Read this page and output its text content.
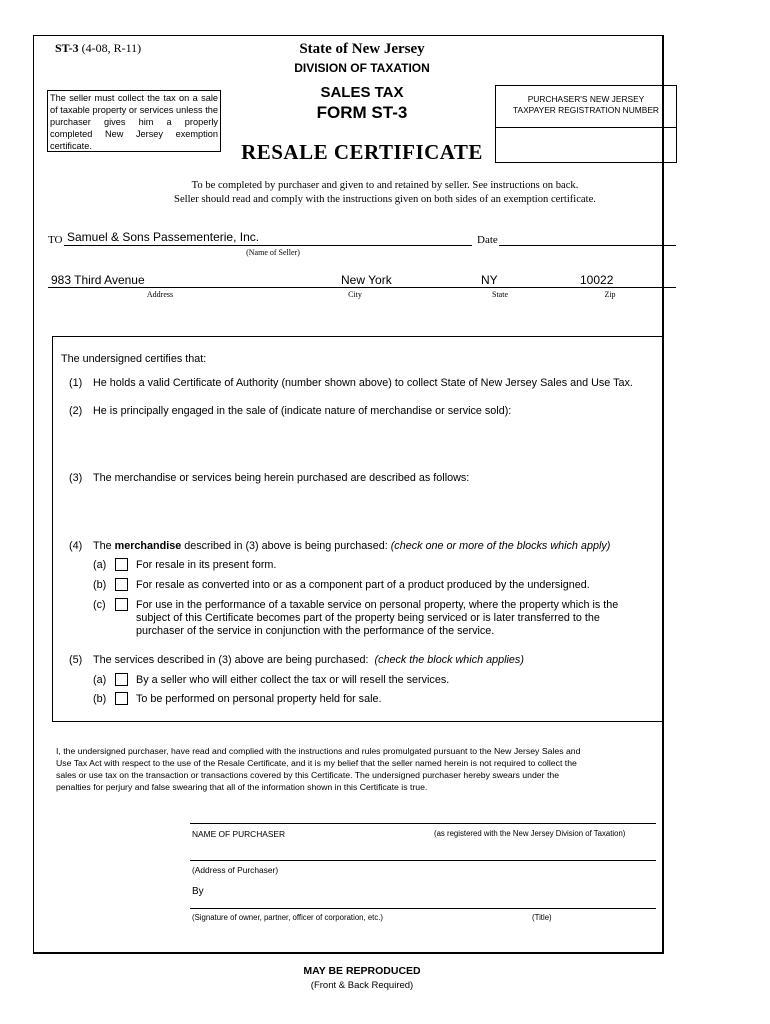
ST-3 (4-08, R-11)	State of New Jersey
DIVISION OF TAXATION
SALES TAX
FORM ST-3
RESALE CERTIFICATE
The seller must collect the tax on a sale of taxable property or services unless the purchaser gives him a properly completed New Jersey exemption certificate.
PURCHASER'S NEW JERSEY
TAXPAYER REGISTRATION NUMBER
To be completed by purchaser and given to and retained by seller. See instructions on back.
Seller should read and comply with the instructions given on both sides of an exemption certificate.
TO Samuel & Sons Passementerie, Inc.
(Name of Seller)
Date
983 Third Avenue	New York	NY	10022
Address	City	State	Zip
The undersigned certifies that:
(1) He holds a valid Certificate of Authority (number shown above) to collect State of New Jersey Sales and Use Tax.
(2) He is principally engaged in the sale of (indicate nature of merchandise or service sold):
(3) The merchandise or services being herein purchased are described as follows:
(4) The merchandise described in (3) above is being purchased: (check one or more of the blocks which apply)
(a)	For resale in its present form.
(b)	For resale as converted into or as a component part of a product produced by the undersigned.
(c)	For use in the performance of a taxable service on personal property, where the property which is the
subject of this Certificate becomes part of the property being serviced or is later transferred to the
purchaser of the service in conjunction with the performance of the service.
(5) The services described in (3) above are being purchased: (check the block which applies)
(a)	By a seller who will either collect the tax or will resell the services.
(b)	To be performed on personal property held for sale.
I, the undersigned purchaser, have read and complied with the instructions and rules promulgated pursuant to the New Jersey Sales and
Use Tax Act with respect to the use of the Resale Certificate, and it is my belief that the seller named herein is not required to collect the
sales or use tax on the transaction or transactions covered by this Certificate. The undersigned purchaser hereby swears under the
penalties for perjury and false swearing that all of the information shown in this Certificate is true.
NAME OF PURCHASER	(as registered with the New Jersey Division of Taxation)
(Address of Purchaser)
By
(Signature of owner, partner, officer of corporation, etc.)	(Title)
MAY BE REPRODUCED
(Front & Back Required)
